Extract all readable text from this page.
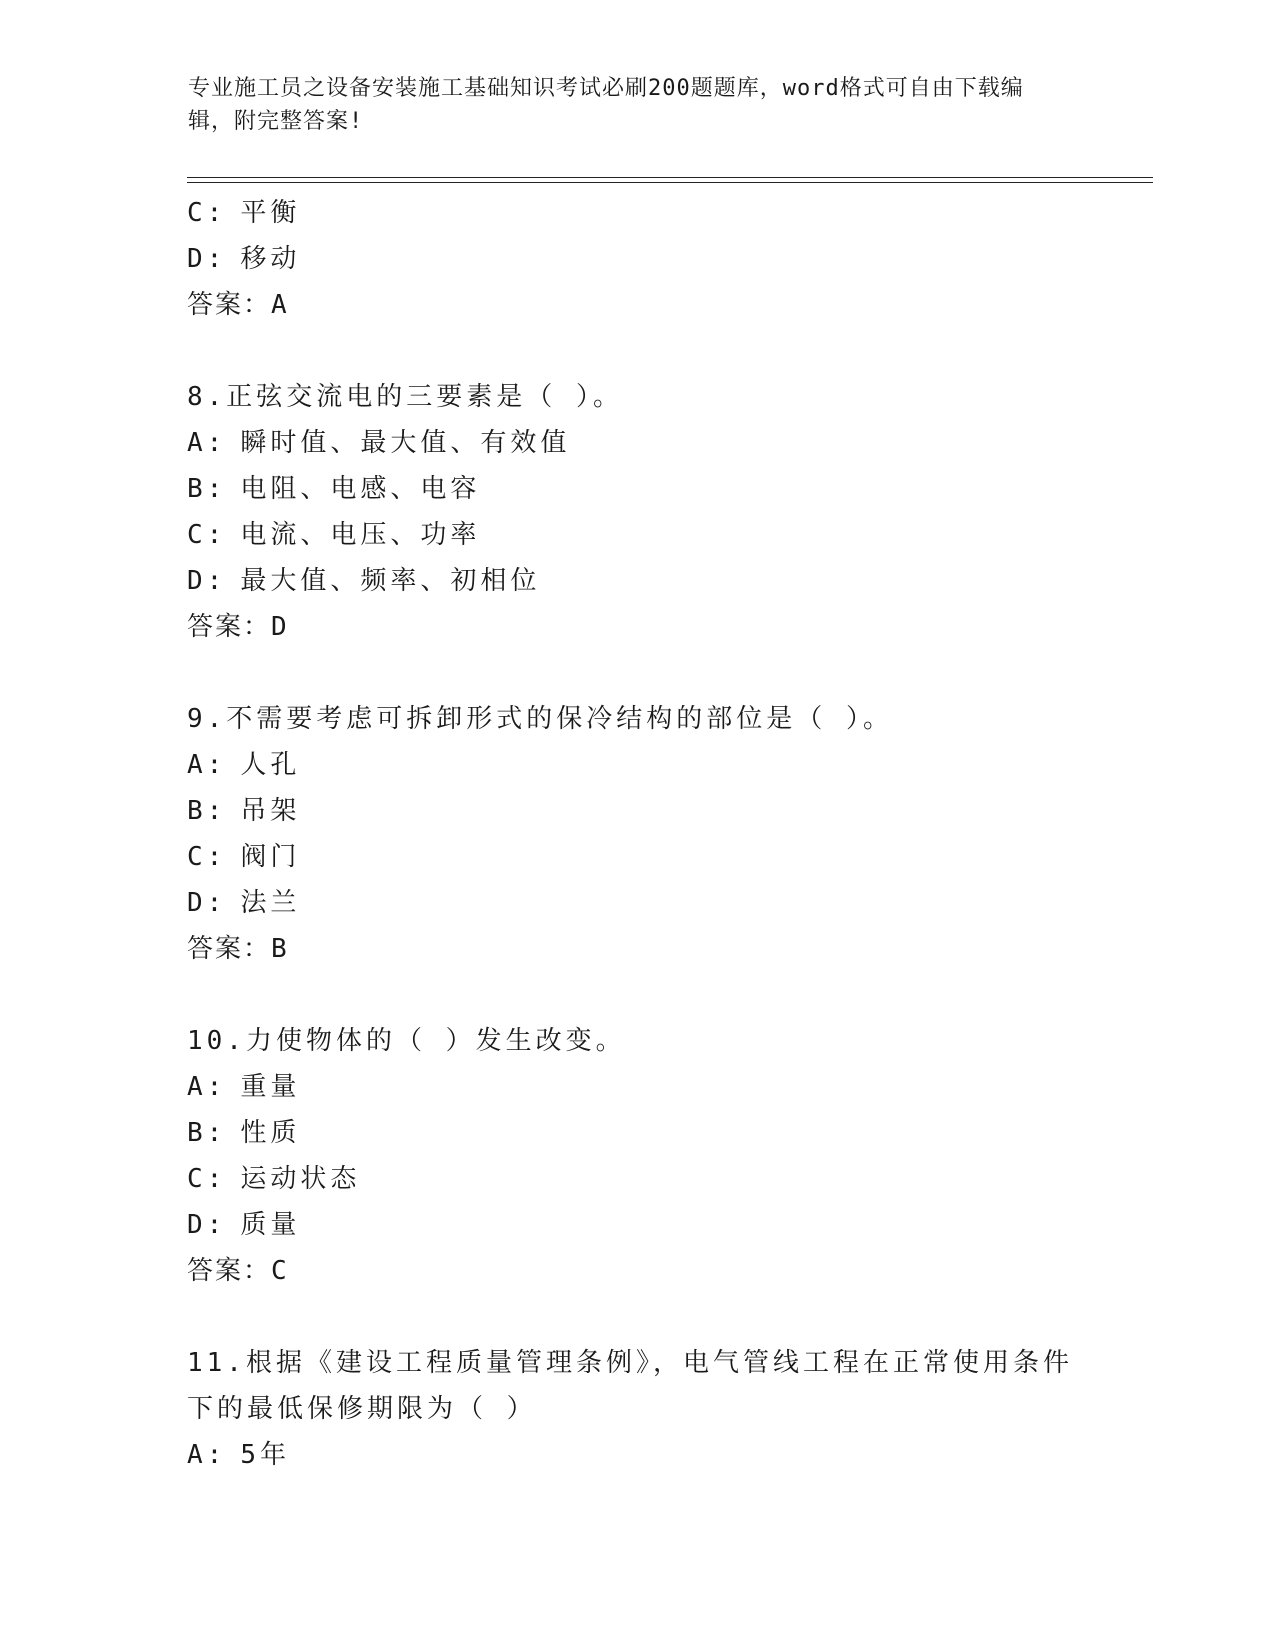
专业施工员之设备安装施工基础知识考试必刷200题题库，word格式可自由下载编辑，附完整答案!
C: 平衡
D: 移动
答案：A
8.正弦交流电的三要素是（ ）。
A: 瞬时值、最大值、有效值
B: 电阻、电感、电容
C: 电流、电压、功率
D: 最大值、频率、初相位
答案：D
9.不需要考虑可拆卸形式的保冷结构的部位是（ ）。
A: 人孔
B: 吊架
C: 阀门
D: 法兰
答案：B
10.力使物体的（ ）发生改变。
A: 重量
B: 性质
C: 运动状态
D: 质量
答案：C
11.根据《建设工程质量管理条例》，电气管线工程在正常使用条件下的最低保修期限为（ ）
A: 5年
